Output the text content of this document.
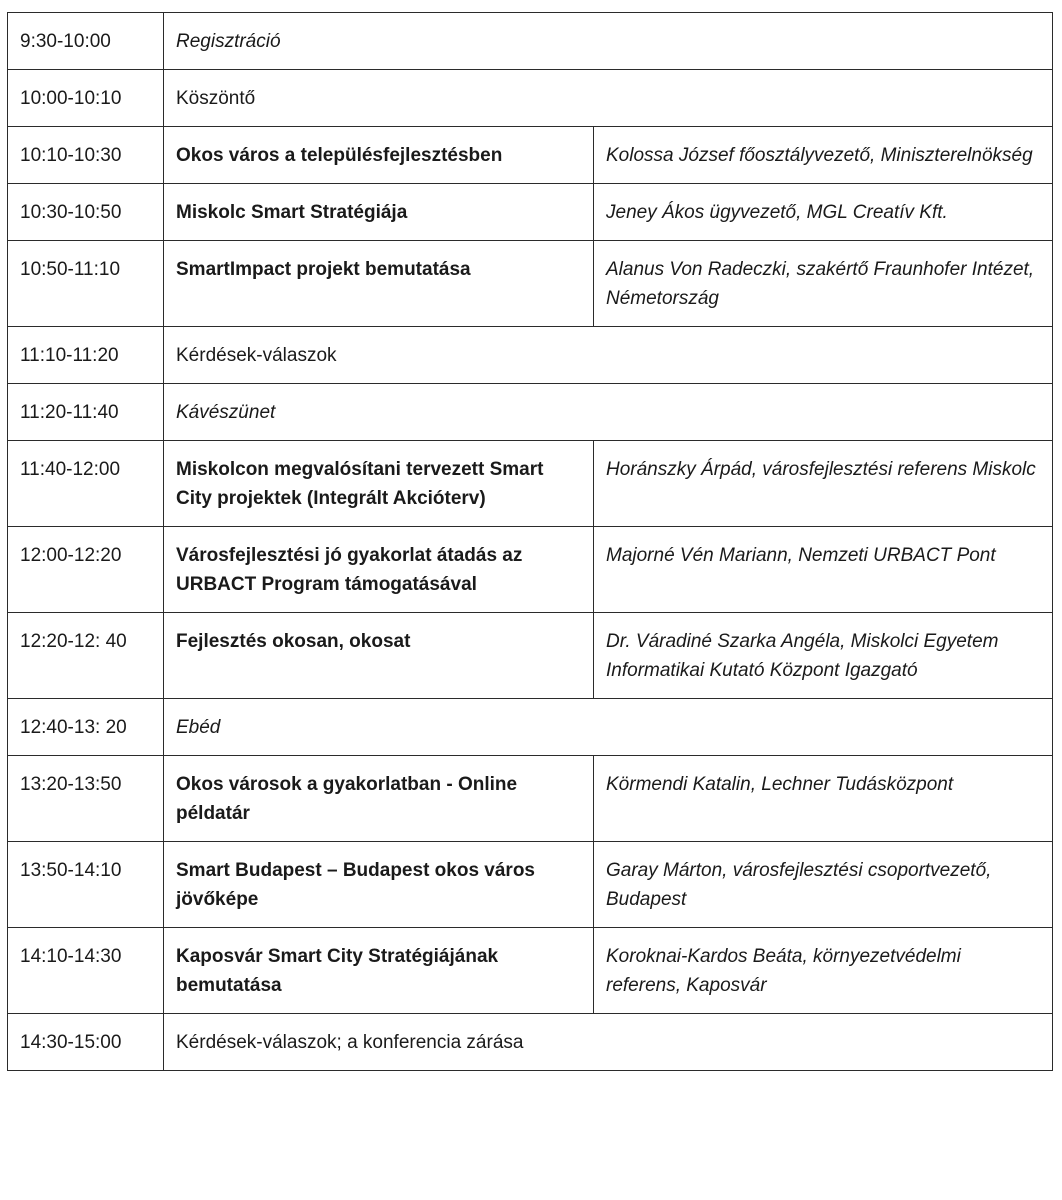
9:30-10:00	Regisztráció	
10:00-10:10	Köszöntő	
10:10-10:30	Okos város a településfejlesztésben	Kolossa József főosztályvezető, Miniszterelnökség
10:30-10:50	Miskolc Smart Stratégiája	Jeney Ákos ügyvezető, MGL Creatív Kft.
10:50-11:10	SmartImpact projekt bemutatása	Alanus Von Radeczki, szakértő Fraunhofer Intézet, Németország
11:10-11:20	Kérdések-válaszok	
11:20-11:40	Kávészünet	
11:40-12:00	Miskolcon megvalósítani tervezett Smart City projektek (Integrált Akcióterv)	Horánszky Árpád, városfejlesztési referens Miskolc
12:00-12:20	Városfejlesztési jó gyakorlat átadás az URBACT Program támogatásával	Majorné Vén Mariann, Nemzeti URBACT Pont
12:20-12: 40	Fejlesztés okosan, okosat	Dr. Váradiné Szarka Angéla, Miskolci Egyetem Informatikai Kutató Központ Igazgató
12:40-13: 20	Ebéd	
13:20-13:50	Okos városok a gyakorlatban - Online példatár	Körmendi Katalin, Lechner Tudásközpont
13:50-14:10	Smart Budapest – Budapest okos város jövőképe	Garay Márton, városfejlesztési csoportvezető, Budapest
14:10-14:30	Kaposvár Smart City Stratégiájának bemutatása	Koroknai-Kardos Beáta, környezetvédelmi referens, Kaposvár
14:30-15:00	Kérdések-válaszok; a konferencia zárása	
